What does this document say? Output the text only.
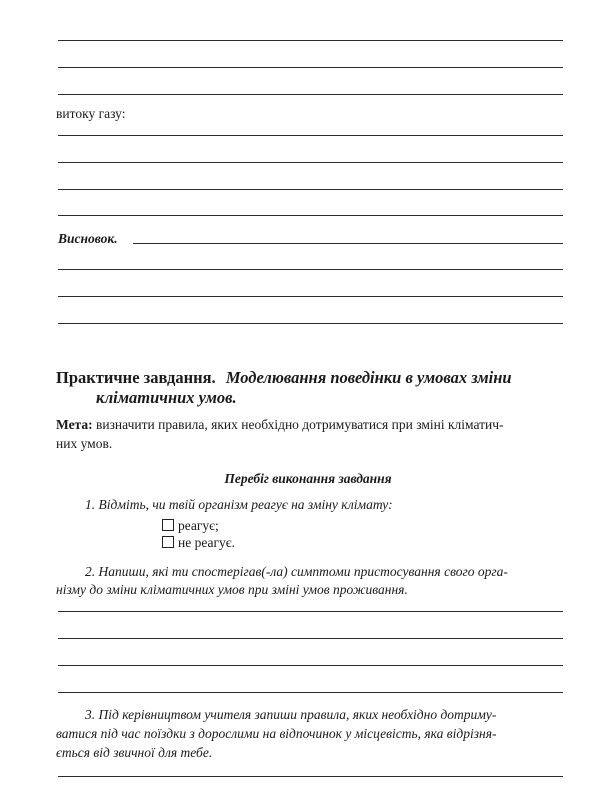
витоку газу:
Висновок.
Практичне завдання. Моделювання поведінки в умовах зміни
кліматичних умов.
Мета: визначити правила, яких необхідно дотримуватися при зміні кліматич-
них умов.
Перебіг виконання завдання
1. Відміть, чи твій організм реагує на зміну клімату:
реагує;
не реагує.
2. Напиши, які ти спостерігав(-ла) симптоми пристосування свого орга-
нізму до зміни кліматичних умов при зміні умов проживання.
3. Під керівництвом учителя запиши правила, яких необхідно дотриму-
ватися під час поїздки з дорослими на відпочинок у місцевість, яка відрізня-
ється від звичної для тебе.
